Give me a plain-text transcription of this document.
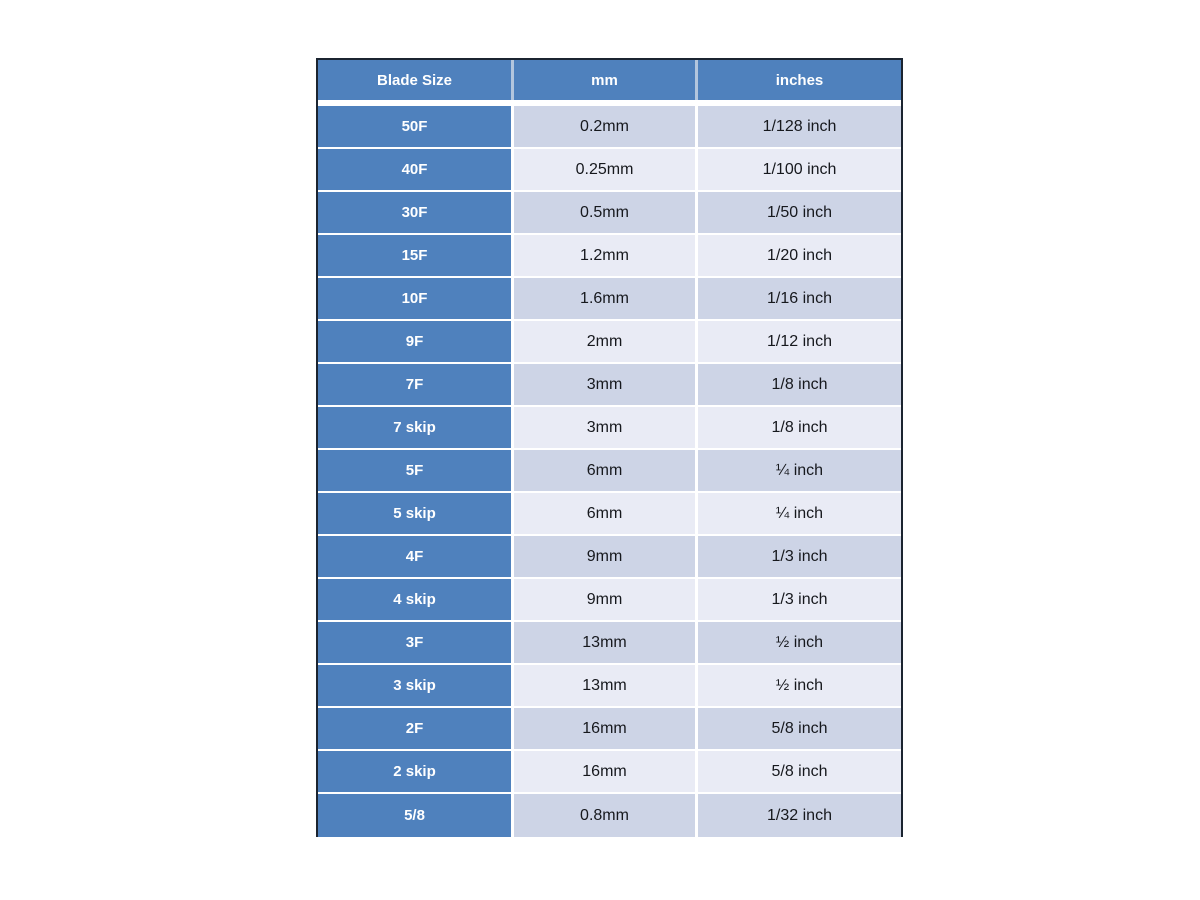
Blade Size	mm	inches
50F	0.2mm	1/128 inch
40F	0.25mm	1/100 inch
30F	0.5mm	1/50 inch
15F	1.2mm	1/20 inch
10F	1.6mm	1/16 inch
9F	2mm	1/12 inch
7F	3mm	1/8 inch
7 skip	3mm	1/8 inch
5F	6mm	¼ inch
5 skip	6mm	¼ inch
4F	9mm	1/3 inch
4 skip	9mm	1/3 inch
3F	13mm	½ inch
3 skip	13mm	½ inch
2F	16mm	5/8 inch
2 skip	16mm	5/8 inch
5/8	0.8mm	1/32 inch
